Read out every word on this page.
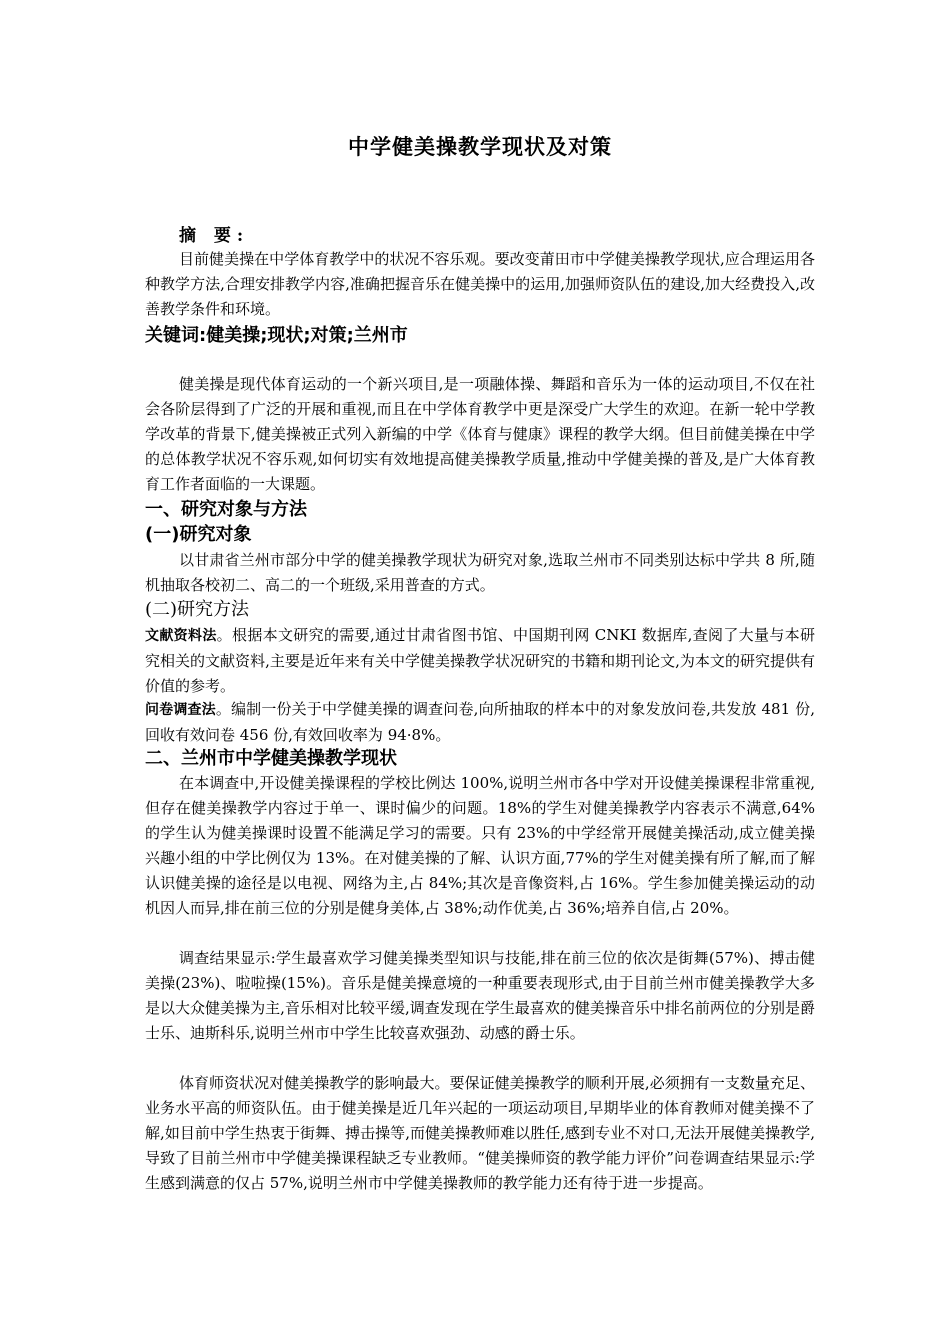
中学健美操教学现状及对策
摘 要:

目前健美操在中学体育教学中的状况不容乐观。要改变莆田市中学健美操教学现状,应合理运用各种教学方法,合理安排教学内容,准确把握音乐在健美操中的运用,加强师资队伍的建设,加大经费投入,改善教学条件和环境。

关键词:健美操;现状;对策;兰州市

健美操是现代体育运动的一个新兴项目,是一项融体操、舞蹈和音乐为一体的运动项目,不仅在社会各阶层得到了广泛的开展和重视,而且在中学体育教学中更是深受广大学生的欢迎。在新一轮中学教学改革的背景下,健美操被正式列入新编的中学《体育与健康》课程的教学大纲。但目前健美操在中学的总体教学状况不容乐观,如何切实有效地提高健美操教学质量,推动中学健美操的普及,是广大体育教育工作者面临的一大课题。

一、研究对象与方法
(一)研究对象

以甘肃省兰州市部分中学的健美操教学现状为研究对象,选取兰州市不同类别达标中学共 8 所,随机抽取各校初二、高二的一个班级,采用普查的方式。

(二)研究方法

文献资料法。根据本文研究的需要,通过甘肃省图书馆、中国期刊网 CNKI 数据库,查阅了大量与本研究相关的文献资料,主要是近年来有关中学健美操教学状况研究的书籍和期刊论文,为本文的研究提供有价值的参考。

问卷调查法。编制一份关于中学健美操的调查问卷,向所抽取的样本中的对象发放问卷,共发放 481 份,回收有效问卷 456 份,有效回收率为 94·8%。

二、兰州市中学健美操教学现状

在本调查中,开设健美操课程的学校比例达 100%,说明兰州市各中学对开设健美操课程非常重视,但存在健美操教学内容过于单一、课时偏少的问题。18%的学生对健美操教学内容表示不满意,64%的学生认为健美操课时设置不能满足学习的需要。只有 23%的中学经常开展健美操活动,成立健美操兴趣小组的中学比例仅为 13%。在对健美操的了解、认识方面,77%的学生对健美操有所了解,而了解认识健美操的途径是以电视、网络为主,占 84%;其次是音像资料,占 16%。学生参加健美操运动的动机因人而异,排在前三位的分别是健身美体,占 38%;动作优美,占 36%;培养自信,占 20%。

调查结果显示:学生最喜欢学习健美操类型知识与技能,排在前三位的依次是街舞(57%)、搏击健美操(23%)、啦啦操(15%)。音乐是健美操意境的一种重要表现形式,由于目前兰州市健美操教学大多是以大众健美操为主,音乐相对比较平缓,调查发现在学生最喜欢的健美操音乐中排名前两位的分别是爵士乐、迪斯科乐,说明兰州市中学生比较喜欢强劲、动感的爵士乐。

体育师资状况对健美操教学的影响最大。要保证健美操教学的顺利开展,必须拥有一支数量充足、业务水平高的师资队伍。由于健美操是近几年兴起的一项运动项目,早期毕业的体育教师对健美操不了解,如目前中学生热衷于街舞、搏击操等,而健美操教师难以胜任,感到专业不对口,无法开展健美操教学,导致了目前兰州市中学健美操课程缺乏专业教师。“健美操师资的教学能力评价”问卷调查结果显示:学生感到满意的仅占 57%,说明兰州市中学健美操教师的教学能力还有待于进一步提高。
